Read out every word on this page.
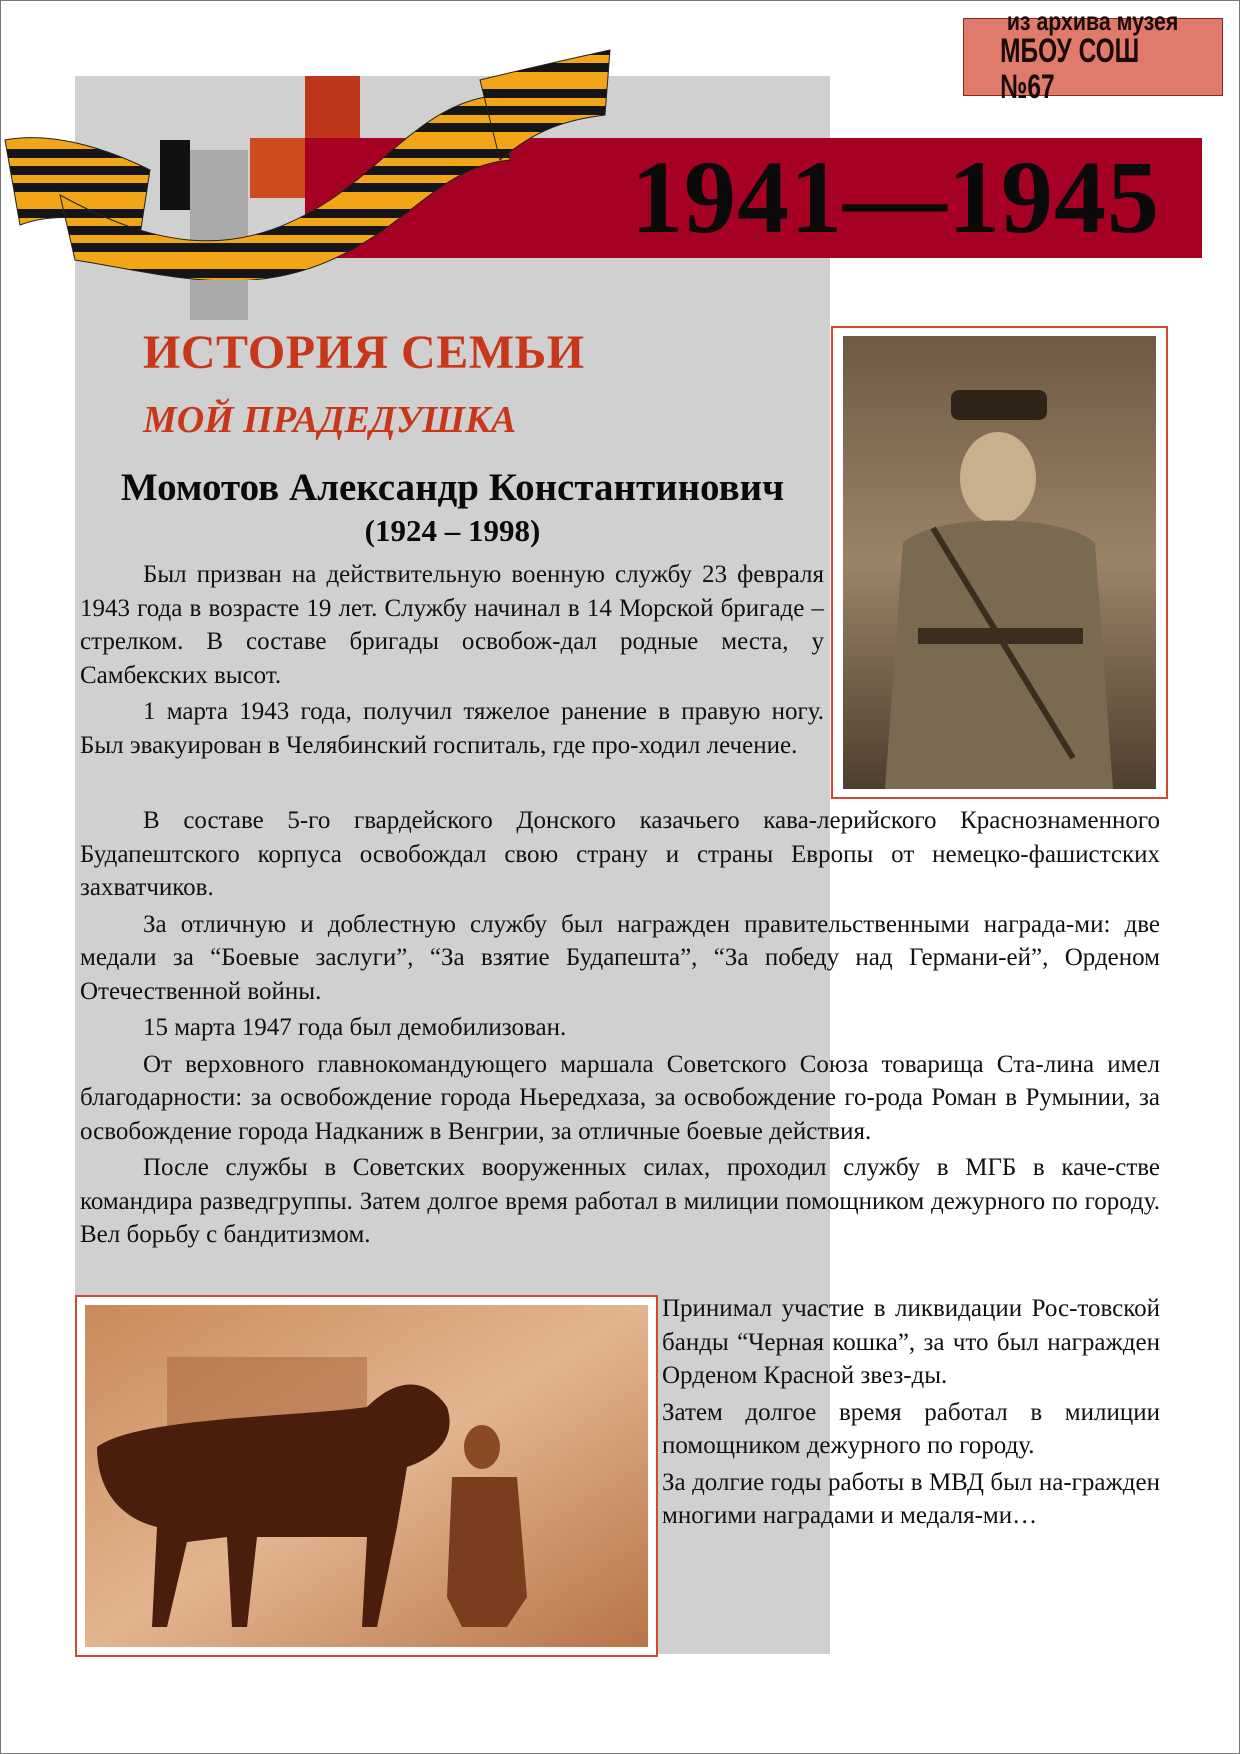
1941—1945
из архива музея
МБОУ СОШ №67
ИСТОРИЯ СЕМЬИ
МОЙ ПРАДЕДУШКА
Момотов Александр Константинович
(1924 – 1998)

Был призван на действительную военную службу 23 февраля 1943 года в возрасте 19 лет. Службу начинал в 14 Морской бригаде – стрелком. В составе бригады освобож-дал родные места, у Самбекских высот.

1 марта 1943 года, получил тяжелое ранение в правую ногу. Был эвакуирован в Челябинский госпиталь, где про-ходил лечение.

В составе 5-го гвардейского Донского казачьего кава-лерийского Краснознаменного Будапештского корпуса освобождал свою страну и страны Европы от немецко-фашистских захватчиков.

За отличную и доблестную службу был награжден правительственными награда-ми: две медали за “Боевые заслуги”, “За взятие Будапешта”, “За победу над Германи-ей”, Орденом Отечественной войны.

15 марта 1947 года был демобилизован.

От верховного главнокомандующего маршала Советского Союза товарища Ста-лина имел благодарности: за освобождение города Ньередхаза, за освобождение го-рода Роман в Румынии, за освобождение города Надканиж в Венгрии, за отличные боевые действия.

После службы в Советских вооруженных силах, проходил службу в МГБ в каче-стве командира разведгруппы. Затем долгое время работал в милиции помощником дежурного по городу. Вел борьбу с бандитизмом.

Принимал участие в ликвидации Рос-товской банды “Черная кошка”, за что был награжден Орденом Красной звез-ды.

Затем долгое время работал в милиции помощником дежурного по городу.

За долгие годы работы в МВД был на-гражден многими наградами и медаля-ми…
